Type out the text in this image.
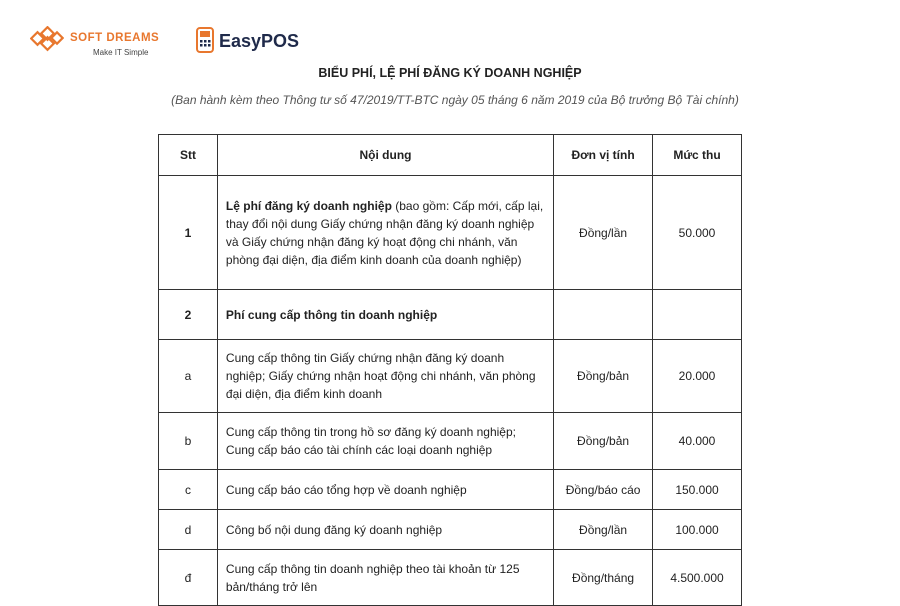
SOFT DREAMS
Make IT Simple
EasyPOS
BIỂU PHÍ, LỆ PHÍ ĐĂNG KÝ DOANH NGHIỆP
(Ban hành kèm theo Thông tư số 47/2019/TT-BTC ngày 05 tháng 6 năm 2019 của Bộ trưởng Bộ Tài chính)
Stt	Nội dung	Đơn vị tính	Mức thu
1	Lệ phí đăng ký doanh nghiệp (bao gồm: Cấp mới, cấp lại, thay đổi nội dung Giấy chứng nhận đăng ký doanh nghiệp và Giấy chứng nhận đăng ký hoạt động chi nhánh, văn phòng đại diện, địa điểm kinh doanh của doanh nghiệp)	Đồng/lần	50.000
2	Phí cung cấp thông tin doanh nghiệp		
a	Cung cấp thông tin Giấy chứng nhận đăng ký doanh nghiệp; Giấy chứng nhận hoạt động chi nhánh, văn phòng đại diện, địa điểm kinh doanh	Đồng/bản	20.000
b	Cung cấp thông tin trong hồ sơ đăng ký doanh nghiệp; Cung cấp báo cáo tài chính các loại doanh nghiệp	Đồng/bản	40.000
c	Cung cấp báo cáo tổng hợp về doanh nghiệp	Đồng/báo cáo	150.000
d	Công bố nội dung đăng ký doanh nghiệp	Đồng/lần	100.000
đ	Cung cấp thông tin doanh nghiệp theo tài khoản từ 125 bản/tháng trở lên	Đồng/tháng	4.500.000
